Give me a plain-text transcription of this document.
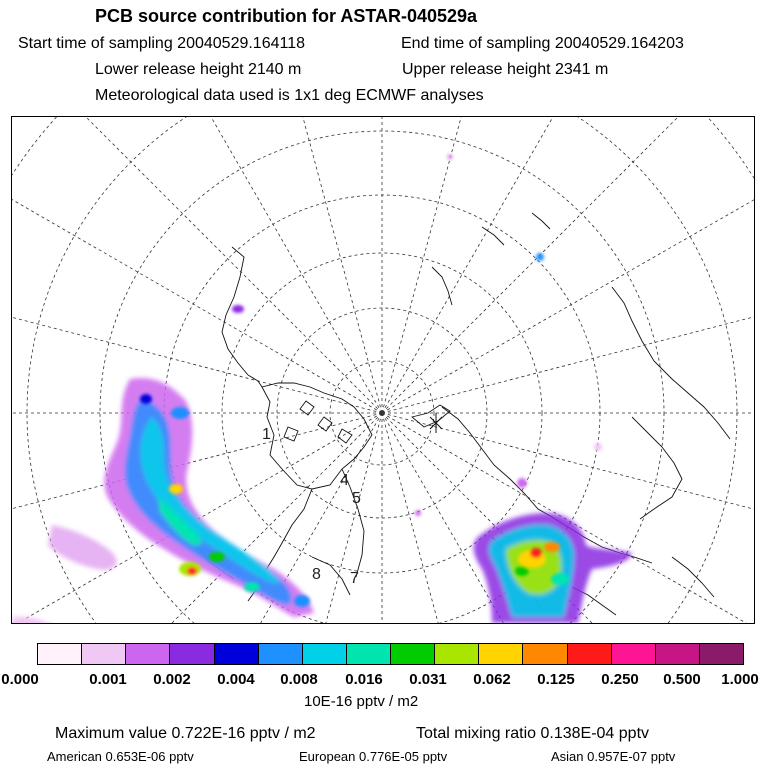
PCB source contribution for ASTAR-040529a
Start time of sampling 20040529.164118	End time of sampling 20040529.164203
Lower release height 2140 m	Upper release height 2341 m
Meteorological data used is 1x1 deg ECMWF analyses
1
4
5
8 7
0.000	0.001 0.002 0.004 0.008 0.016 0.031 0.062 0.125 0.250 0.500 1.000
10E-16 pptv / m2
Maximum value 0.722E-16 pptv / m2	Total mixing ratio 0.138E-04 pptv
American 0.653E-06 pptv	European 0.776E-05 pptv	Asian 0.957E-07 pptv
